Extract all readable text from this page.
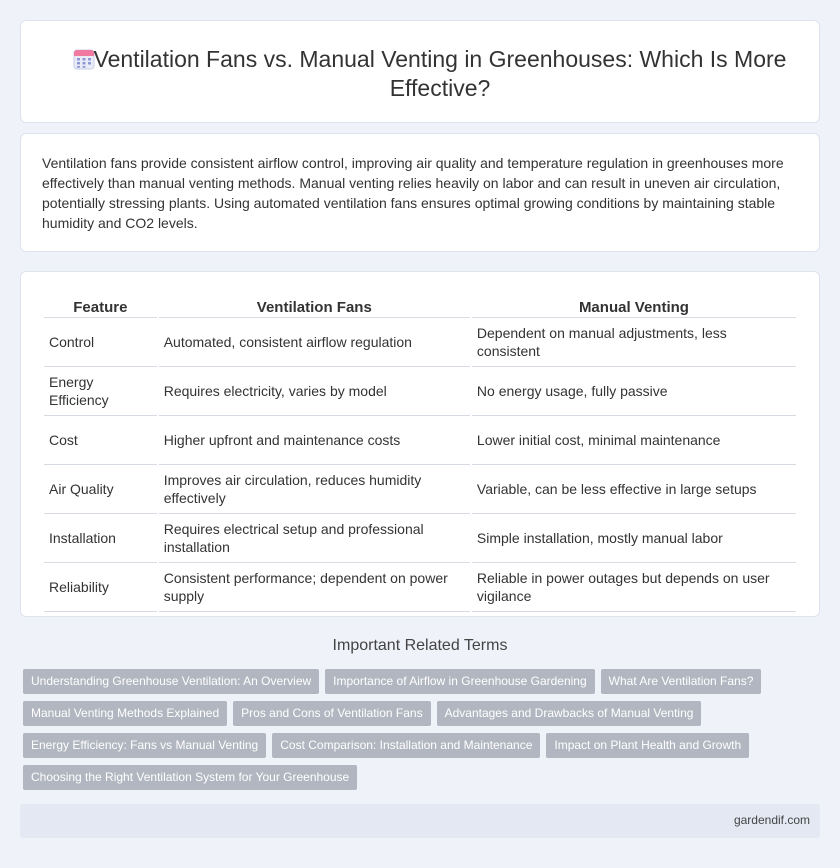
Ventilation Fans vs. Manual Venting in Greenhouses: Which Is More Effective?

Ventilation fans provide consistent airflow control, improving air quality and temperature regulation in greenhouses more effectively than manual venting methods. Manual venting relies heavily on labor and can result in uneven air circulation, potentially stressing plants. Using automated ventilation fans ensures optimal growing conditions by maintaining stable humidity and CO2 levels.

Feature	Ventilation Fans	Manual Venting
Control	Automated, consistent airflow regulation	Dependent on manual adjustments, less consistent
Energy Efficiency	Requires electricity, varies by model	No energy usage, fully passive
Cost	Higher upfront and maintenance costs	Lower initial cost, minimal maintenance
Air Quality	Improves air circulation, reduces humidity effectively	Variable, can be less effective in large setups
Installation	Requires electrical setup and professional installation	Simple installation, mostly manual labor
Reliability	Consistent performance; dependent on power supply	Reliable in power outages but depends on user vigilance
Important Related Terms
Understanding Greenhouse Ventilation: An Overview	Importance of Airflow in Greenhouse Gardening	What Are Ventilation Fans?
Manual Venting Methods Explained	Pros and Cons of Ventilation Fans	Advantages and Drawbacks of Manual Venting
Energy Efficiency: Fans vs Manual Venting	Cost Comparison: Installation and Maintenance	Impact on Plant Health and Growth
Choosing the Right Ventilation System for Your Greenhouse
gardendif.com
